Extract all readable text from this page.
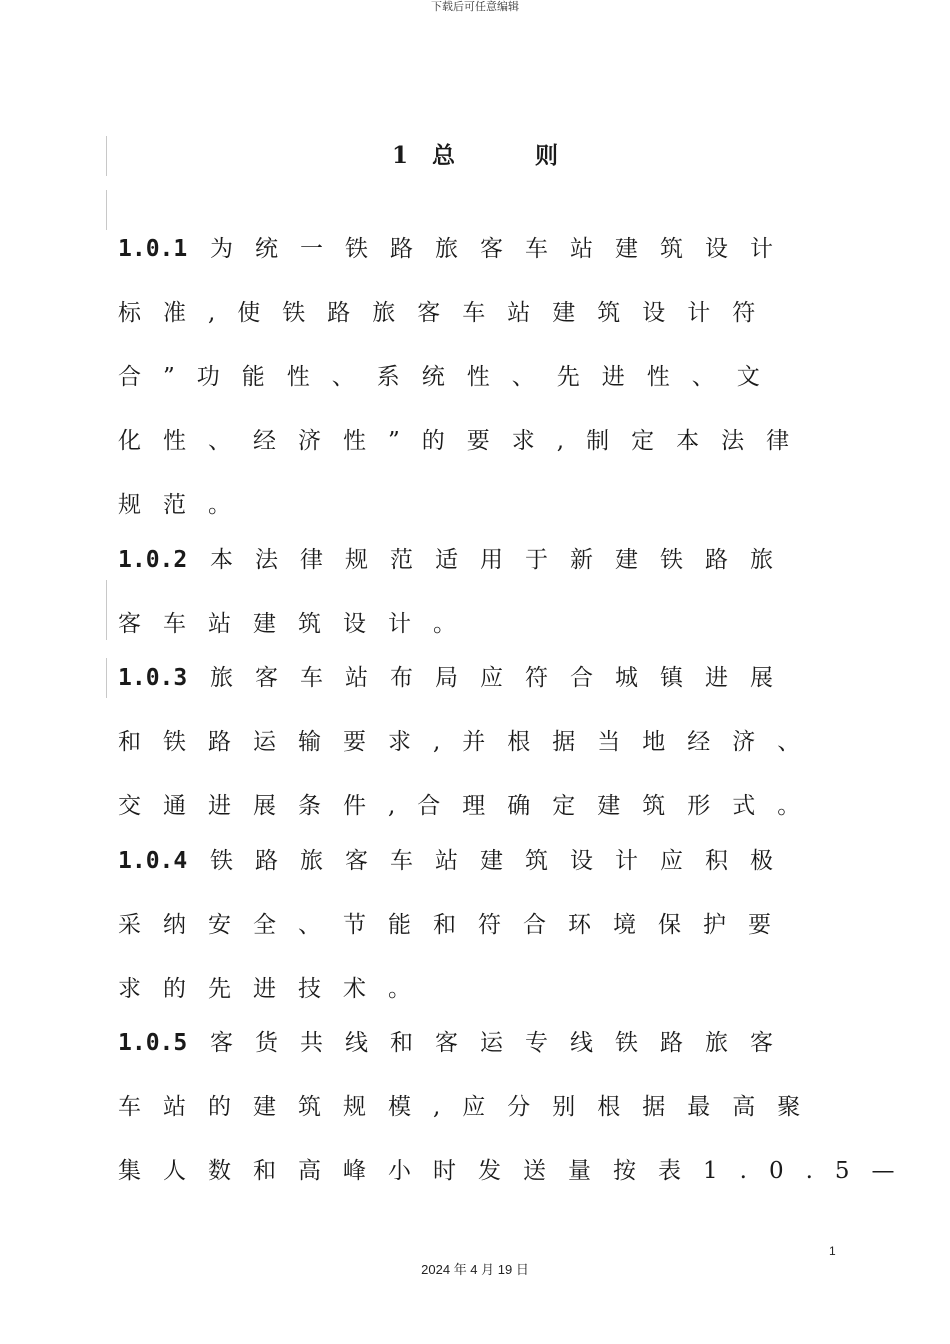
下载后可任意编辑
1   总          则
1.0.1 为统一铁路旅客车站建筑设计
标准,使铁路旅客车站建筑设计符
合”功能性、系统性、先进性、文
化性、经济性”的要求,制定本法律
规范。
1.0.2 本法律规范适用于新建铁路旅
客车站建筑设计。
1.0.3 旅客车站布局应符合城镇进展
和铁路运输要求,并根据当地经济、
交通进展条件,合理确定建筑形式。
1.0.4 铁路旅客车站建筑设计应积极
采纳安全、节能和符合环境保护要
求的先进技术。
1.0.5 客货共线和客运专线铁路旅客
车站的建筑规模,应分别根据最高聚
集人数和高峰小时发送量按表1.0.5—
1
2024 年 4 月 19 日
